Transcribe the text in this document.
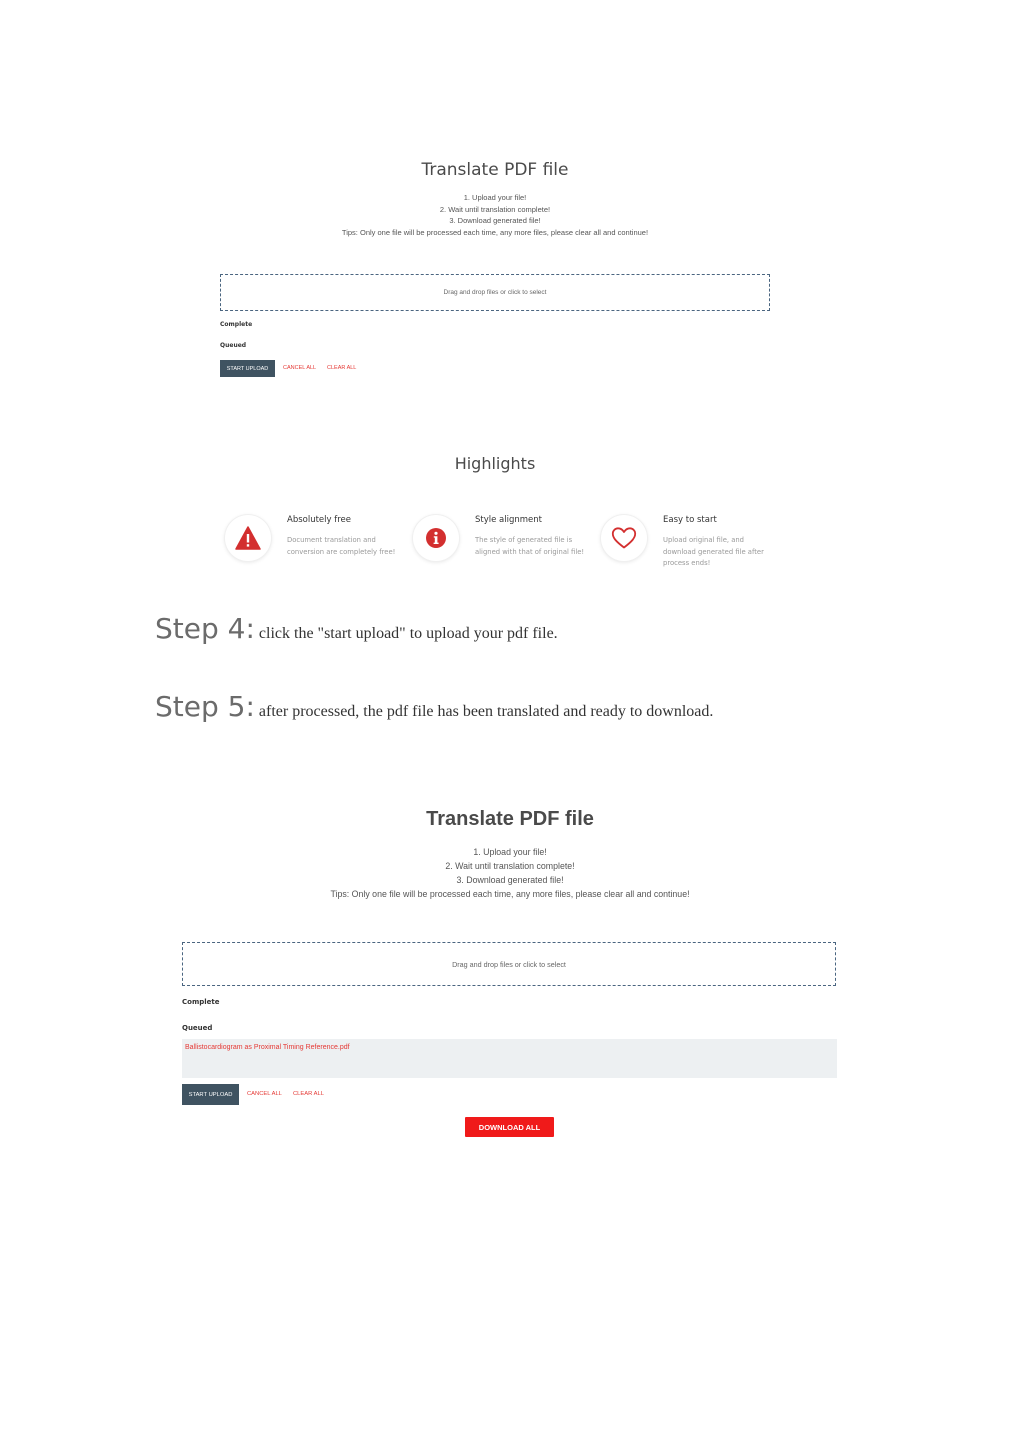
Translate PDF file
1. Upload your file!
2. Wait until translation complete!
3. Download generated file!
Tips: Only one file will be processed each time, any more files, please clear all and continue!
Drag and drop files or click to select
Complete
Queued
START UPLOAD	CANCEL ALL CLEAR ALL
Highlights
Absolutely free
Document translation and conversion are completely free!
Style alignment
The style of generated file is aligned with that of original file!
Easy to start
Upload original file, and download generated file after process ends!
Step 4: click the "start upload" to upload your pdf file.
Step 5: after processed, the pdf file has been translated and ready to download.
Translate PDF file
1. Upload your file!
2. Wait until translation complete!
3. Download generated file!
Tips: Only one file will be processed each time, any more files, please clear all and continue!
Drag and drop files or click to select
Complete
Queued
Ballistocardiogram as Proximal Timing Reference.pdf
START UPLOAD	CANCEL ALL CLEAR ALL
DOWNLOAD ALL
